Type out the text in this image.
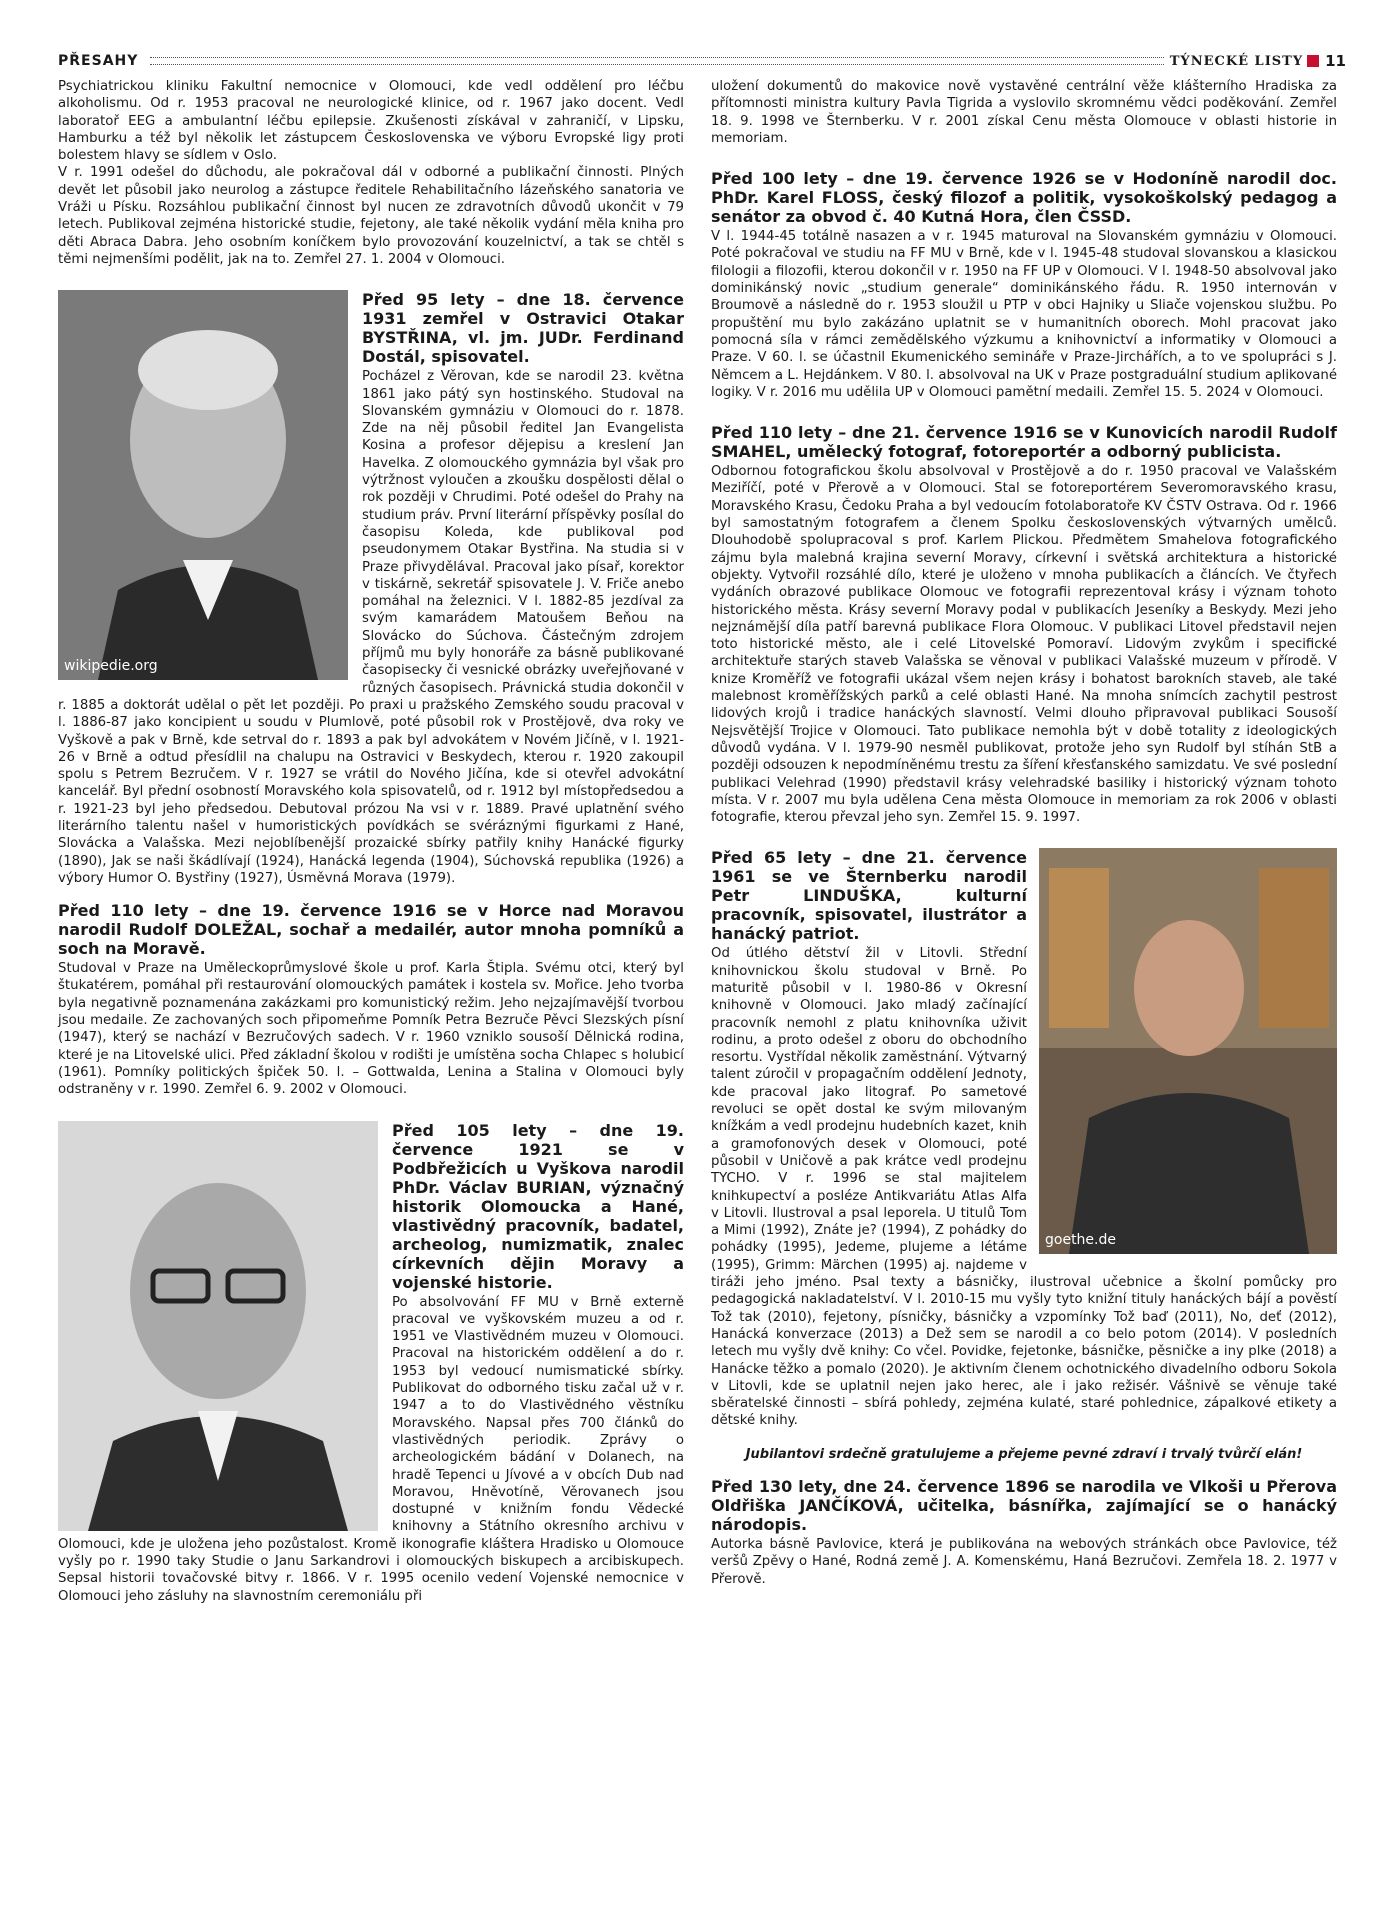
PŘESAHY	TÝNECKÉ LISTY 11

Psychiatrickou kliniku Fakultní nemocnice v Olomouci, kde vedl oddělení pro léčbu alkoholismu. Od r. 1953 pracoval ne neurologické klinice, od r. 1967 jako docent. Vedl laboratoř EEG a ambulantní léčbu epilepsie. Zkušenosti získával v zahraničí, v Lipsku, Hamburku a též byl několik let zástupcem Československa ve výboru Evropské ligy proti bolestem hlavy se sídlem v Oslo.

V r. 1991 odešel do důchodu, ale pokračoval dál v odborné a publikační činnosti. Plných devět let působil jako neurolog a zástupce ředitele Rehabilitačního lázeňského sanatoria ve Vráži u Písku. Rozsáhlou publikační činnost byl nucen ze zdravotních důvodů ukončit v 79 letech. Publikoval zejména historické studie, fejetony, ale také několik vydání měla kniha pro děti Abraca Dabra. Jeho osobním koníčkem bylo provozování kouzelnictví, a tak se chtěl s těmi nejmenšími podělit, jak na to. Zemřel 27. 1. 2004 v Olomouci.

wikipedie.org
Před 95 lety – dne 18. července 1931 zemřel v Ostravici Otakar BYSTŘINA, vl. jm. JUDr. Ferdinand Dostál, spisovatel.

Pocházel z Věrovan, kde se narodil 23. května 1861 jako pátý syn hostinského. Studoval na Slovanském gymnáziu v Olomouci do r. 1878. Zde na něj působil ředitel Jan Evangelista Kosina a profesor dějepisu a kreslení Jan Havelka. Z olomouckého gymnázia byl však pro výtržnost vyloučen a zkoušku dospělosti dělal o rok později v Chrudimi. Poté odešel do Prahy na studium práv. První literární příspěvky posílal do časopisu Koleda, kde publikoval pod pseudonymem Otakar Bystřina. Na studia si v Praze přivydělával. Pracoval jako písař, korektor v tiskárně, sekretář spisovatele J. V. Friče anebo pomáhal na železnici. V l. 1882-85 jezdíval za svým kamarádem Matoušem Beňou na Slovácko do Súchova. Částečným zdrojem příjmů mu byly honoráře za básně publikované časopisecky či vesnické obrázky uveřejňované v různých časopisech. Právnická studia dokončil v r. 1885 a doktorát udělal o pět let později. Po praxi u pražského Zemského soudu pracoval v l. 1886-87 jako koncipient u soudu v Plumlově, poté působil rok v Prostějově, dva roky ve Vyškově a pak v Brně, kde setrval do r. 1893 a pak byl advokátem v Novém Jičíně, v l. 1921-26 v Brně a odtud přesídlil na chalupu na Ostravici v Beskydech, kterou r. 1920 zakoupil spolu s Petrem Bezručem. V r. 1927 se vrátil do Nového Jičína, kde si otevřel advokátní kancelář. Byl přední osobností Moravského kola spisovatelů, od r. 1912 byl místopředsedou a r. 1921-23 byl jeho předsedou. Debutoval prózou Na vsi v r. 1889. Pravé uplatnění svého literárního talentu našel v humoristických povídkách se svéráznými figurkami z Hané, Slovácka a Valašska. Mezi nejoblíbenější prozaické sbírky patřily knihy Hanácké figurky (1890), Jak se naši škádlívají (1924), Hanácká legenda (1904), Súchovská republika (1926) a výbory Humor O. Bystřiny (1927), Úsměvná Morava (1979).

Před 110 lety – dne 19. července 1916 se v Horce nad Moravou narodil Rudolf DOLEŽAL, sochař a medailér, autor mnoha pomníků a soch na Moravě.

Studoval v Praze na Uměleckoprůmyslové škole u prof. Karla Štipla. Svému otci, který byl štukatérem, pomáhal při restaurování olomouckých památek i kostela sv. Mořice. Jeho tvorba byla negativně poznamenána zakázkami pro komunistický režim. Jeho nejzajímavější tvorbou jsou medaile. Ze zachovaných soch připomeňme Pomník Petra Bezruče Pěvci Slezských písní (1947), který se nachází v Bezručových sadech. V r. 1960 vzniklo sousoší Dělnická rodina, které je na Litovelské ulici. Před základní školou v rodišti je umístěna socha Chlapec s holubicí (1961). Pomníky politických špiček 50. l. – Gottwalda, Lenina a Stalina v Olomouci byly odstraněny v r. 1990. Zemřel 6. 9. 2002 v Olomouci.

Před 105 lety – dne 19. července 1921 se v Podbřežicích u Vyškova narodil PhDr. Václav BURIAN, význačný historik Olomoucka a Hané, vlastivědný pracovník, badatel, archeolog, numizmatik, znalec církevních dějin Moravy a vojenské historie.

Po absolvování FF MU v Brně externě pracoval ve vyškovském muzeu a od r. 1951 ve Vlastivědném muzeu v Olomouci. Pracoval na historickém oddělení a do r. 1953 byl vedoucí numismatické sbírky. Publikovat do odborného tisku začal už v r. 1947 a to do Vlastivědného věstníku Moravského. Napsal přes 700 článků do vlastivědných periodik. Zprávy o archeologickém bádání v Dolanech, na hradě Tepenci u Jívové a v obcích Dub nad Moravou, Hněvotíně, Věrovanech jsou dostupné v knižním fondu Vědecké knihovny a Státního okresního archivu v Olomouci, kde je uložena jeho pozůstalost. Kromě ikonografie kláštera Hradisko u Olomouce vyšly po r. 1990 taky Studie o Janu Sarkandrovi i olomouckých biskupech a arcibiskupech. Sepsal historii tovačovské bitvy r. 1866. V r. 1995 ocenilo vedení Vojenské nemocnice v Olomouci jeho zásluhy na slavnostním ceremoniálu při

uložení dokumentů do makovice nově vystavěné centrální věže klášterního Hradiska za přítomnosti ministra kultury Pavla Tigrida a vyslovilo skromnému vědci poděkování. Zemřel 18. 9. 1998 ve Šternberku. V r. 2001 získal Cenu města Olomouce v oblasti historie in memoriam.

Před 100 lety – dne 19. července 1926 se v Hodoníně narodil doc. PhDr. Karel FLOSS, český filozof a politik, vysokoškolský pedagog a senátor za obvod č. 40 Kutná Hora, člen ČSSD.

V l. 1944-45 totálně nasazen a v r. 1945 maturoval na Slovanském gymnáziu v Olomouci. Poté pokračoval ve studiu na FF MU v Brně, kde v l. 1945-48 studoval slovanskou a klasickou filologii a filozofii, kterou dokončil v r. 1950 na FF UP v Olomouci. V l. 1948-50 absolvoval jako dominikánský novic „studium generale“ dominikánského řádu. R. 1950 internován v Broumově a následně do r. 1953 sloužil u PTP v obci Hajniky u Sliače vojenskou službu. Po propuštění mu bylo zakázáno uplatnit se v humanitních oborech. Mohl pracovat jako pomocná síla v rámci zemědělského výzkumu a knihovnictví a informatiky v Olomouci a Praze. V 60. l. se účastnil Ekumenického semináře v Praze-Jirchářích, a to ve spolupráci s J. Němcem a L. Hejdánkem. V 80. l. absolvoval na UK v Praze postgraduální studium aplikované logiky. V r. 2016 mu udělila UP v Olomouci pamětní medaili. Zemřel 15. 5. 2024 v Olomouci.

Před 110 lety – dne 21. července 1916 se v Kunovicích narodil Rudolf SMAHEL, umělecký fotograf, fotoreportér a odborný publicista.

Odbornou fotografickou školu absolvoval v Prostějově a do r. 1950 pracoval ve Valašském Meziříčí, poté v Přerově a v Olomouci. Stal se fotoreportérem Severomoravského krasu, Moravského Krasu, Čedoku Praha a byl vedoucím fotolaboratoře KV ČSTV Ostrava. Od r. 1966 byl samostatným fotografem a členem Spolku československých výtvarných umělců. Dlouhodobě spolupracoval s prof. Karlem Plickou. Předmětem Smahelova fotografického zájmu byla malebná krajina severní Moravy, církevní i světská architektura a historické objekty. Vytvořil rozsáhlé dílo, které je uloženo v mnoha publikacích a článcích. Ve čtyřech vydáních obrazové publikace Olomouc ve fotografii reprezentoval krásy i význam tohoto historického města. Krásy severní Moravy podal v publikacích Jeseníky a Beskydy. Mezi jeho nejznámější díla patří barevná publikace Flora Olomouc. V publikaci Litovel představil nejen toto historické město, ale i celé Litovelské Pomoraví. Lidovým zvykům i specifické architektuře starých staveb Valašska se věnoval v publikaci Valašské muzeum v přírodě. V knize Kroměříž ve fotografii ukázal všem nejen krásy i bohatost barokních staveb, ale také malebnost kroměřížských parků a celé oblasti Hané. Na mnoha snímcích zachytil pestrost lidových krojů i tradice hanáckých slavností. Velmi dlouho připravoval publikaci Sousoší Nejsvětější Trojice v Olomouci. Tato publikace nemohla být v době totality z ideologických důvodů vydána. V l. 1979-90 nesměl publikovat, protože jeho syn Rudolf byl stíhán StB a později odsouzen k nepodmíněnému trestu za šíření křesťanského samizdatu. Ve své poslední publikaci Velehrad (1990) představil krásy velehradské basiliky i historický význam tohoto místa. V r. 2007 mu byla udělena Cena města Olomouce in memoriam za rok 2006 v oblasti fotografie, kterou převzal jeho syn. Zemřel 15. 9. 1997.

goethe.de
Před 65 lety – dne 21. července 1961 se ve Šternberku narodil Petr LINDUŠKA, kulturní pracovník, spisovatel, ilustrátor a hanácký patriot.

Od útlého dětství žil v Litovli. Střední knihovnickou školu studoval v Brně. Po maturitě působil v l. 1980-86 v Okresní knihovně v Olomouci. Jako mladý začínající pracovník nemohl z platu knihovníka uživit rodinu, a proto odešel z oboru do obchodního resortu. Vystřídal několik zaměstnání. Výtvarný talent zúročil v propagačním oddělení Jednoty, kde pracoval jako litograf. Po sametové revoluci se opět dostal ke svým milovaným knížkám a vedl prodejnu hudebních kazet, knih a gramofonových desek v Olomouci, poté působil v Uničově a pak krátce vedl prodejnu TYCHO. V r. 1996 se stal majitelem knihkupectví a posléze Antikvariátu Atlas Alfa v Litovli. Ilustroval a psal leporela. U titulů Tom a Mimi (1992), Znáte je? (1994), Z pohádky do pohádky (1995), Jedeme, plujeme a létáme (1995), Grimm: Märchen (1995) aj. najdeme v tiráži jeho jméno. Psal texty a básničky, ilustroval učebnice a školní pomůcky pro pedagogická nakladatelství. V l. 2010-15 mu vyšly tyto knižní tituly hanáckých bájí a pověstí Tož tak (2010), fejetony, písničky, básničky a vzpomínky Tož baď (2011), No, deť (2012), Hanácká konverzace (2013) a Dež sem se narodil a co belo potom (2014). V posledních letech mu vyšly dvě knihy: Co včel. Povidke, fejetonke, básničke, pěsničke a iny plke (2018) a Hanácke těžko a pomalo (2020). Je aktivním členem ochotnického divadelního odboru Sokola v Litovli, kde se uplatnil nejen jako herec, ale i jako režisér. Vášnivě se věnuje také sběratelské činnosti – sbírá pohledy, zejména kulaté, staré pohlednice, zápalkové etikety a dětské knihy.

Jubilantovi srdečně gratulujeme a přejeme pevné zdraví i trvalý tvůrčí elán!

Před 130 lety, dne 24. července 1896 se narodila ve Vlkoši u Přerova Oldřiška JANČÍKOVÁ, učitelka, básnířka, zajímající se o hanácký národopis.

Autorka básně Pavlovice, která je publikována na webových stránkách obce Pavlovice, též veršů Zpěvy o Hané, Rodná země J. A. Komenskému, Haná Bezručovi. Zemřela 18. 2. 1977 v Přerově.
